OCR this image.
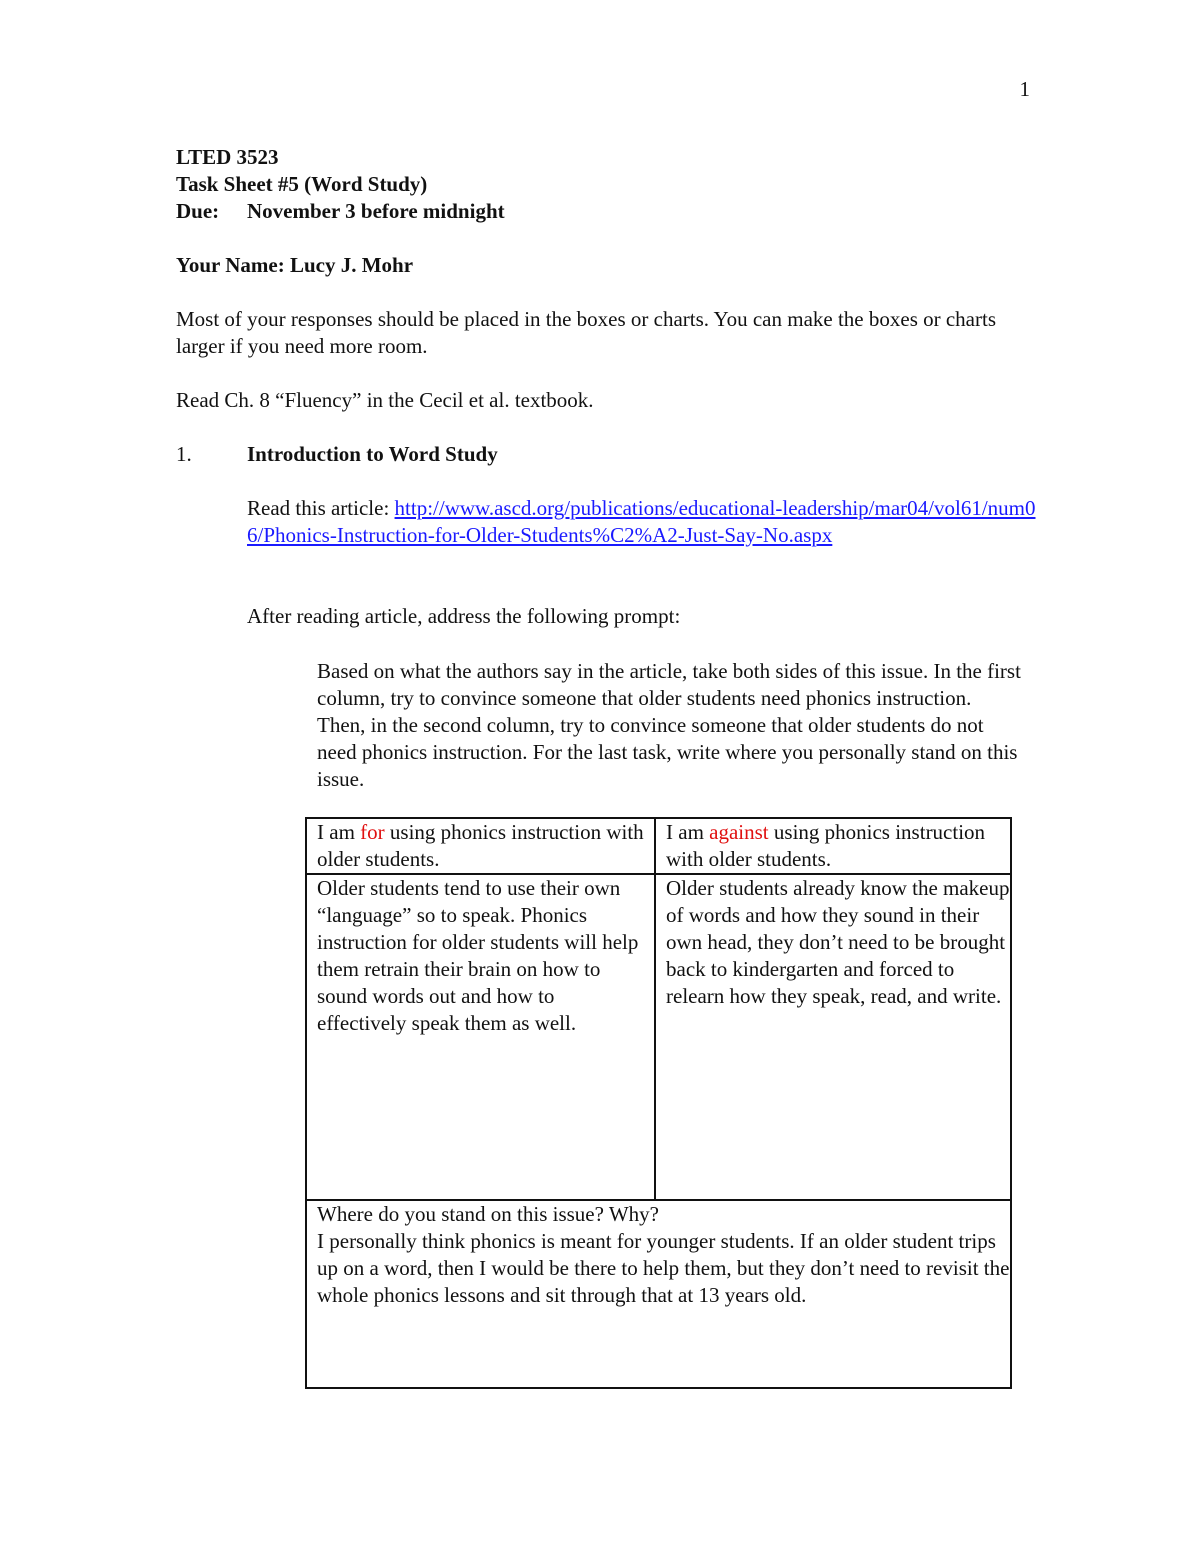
1
LTED 3523
Task Sheet #5 (Word Study)
Due: November 3 before midnight
Your Name: Lucy J. Mohr
Most of your responses should be placed in the boxes or charts. You can make the boxes or charts larger if you need more room.
Read Ch. 8 “Fluency” in the Cecil et al. textbook.
1.	Introduction to Word Study
Read this article: http://www.ascd.org/publications/educational-leadership/mar04/vol61/num06/Phonics-Instruction-for-Older-Students%C2%A2-Just-Say-No.aspx
After reading article, address the following prompt:
Based on what the authors say in the article, take both sides of this issue. In the first column, try to convince someone that older students need phonics instruction. Then, in the second column, try to convince someone that older students do not need phonics instruction. For the last task, write where you personally stand on this issue.
I am for using phonics instruction with older students.
I am against using phonics instruction with older students.
Older students tend to use their own “language” so to speak. Phonics instruction for older students will help them retrain their brain on how to sound words out and how to effectively speak them as well.
Older students already know the makeup of words and how they sound in their own head, they don’t need to be brought back to kindergarten and forced to relearn how they speak, read, and write.
Where do you stand on this issue? Why?
I personally think phonics is meant for younger students. If an older student trips up on a word, then I would be there to help them, but they don’t need to revisit the whole phonics lessons and sit through that at 13 years old.
